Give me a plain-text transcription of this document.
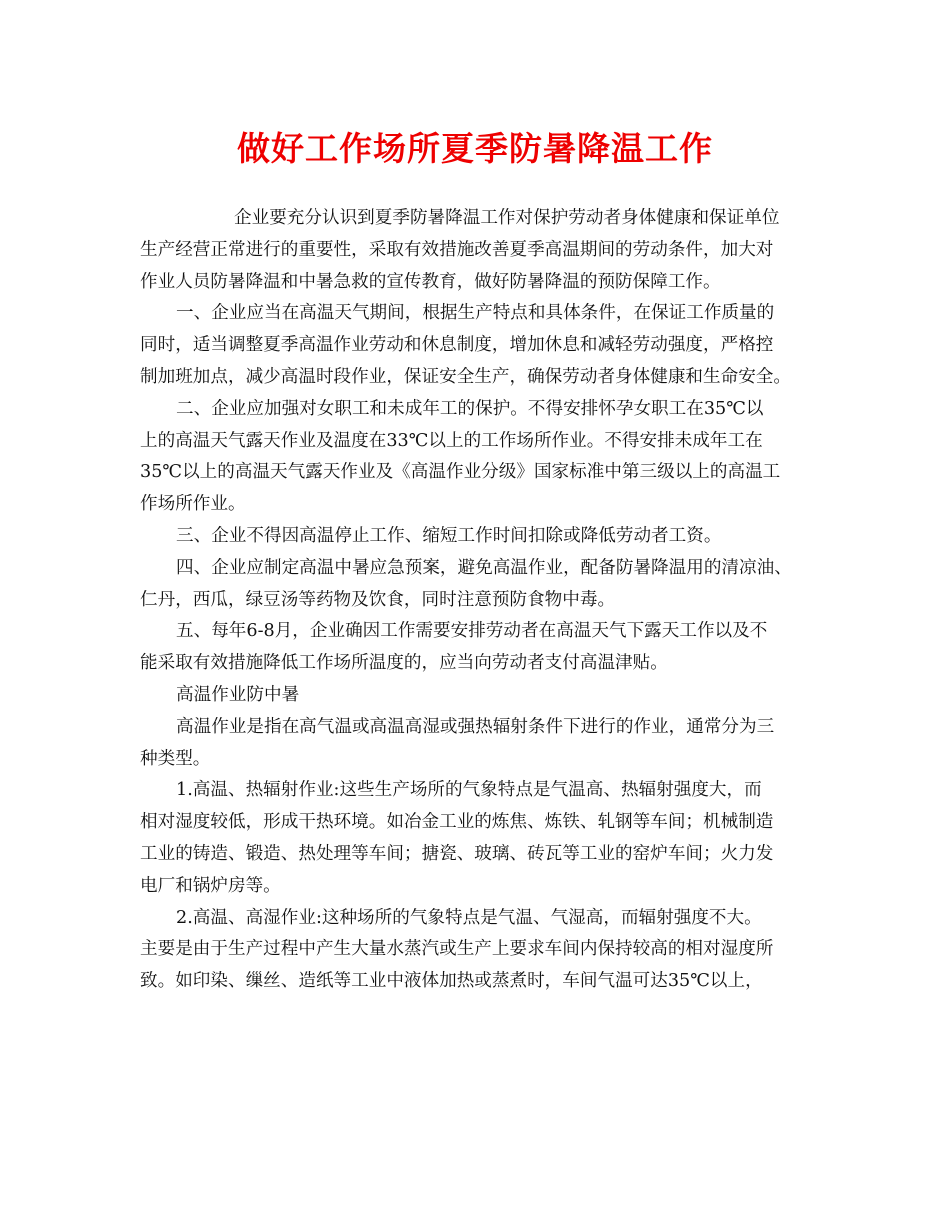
做好工作场所夏季防暑降温工作

企业要充分认识到夏季防暑降温工作对保护劳动者身体健康和保证单位

生产经营正常进行的重要性，采取有效措施改善夏季高温期间的劳动条件，加大对

作业人员防暑降温和中暑急救的宣传教育，做好防暑降温的预防保障工作。

一、企业应当在高温天气期间，根据生产特点和具体条件，在保证工作质量的

同时，适当调整夏季高温作业劳动和休息制度，增加休息和减轻劳动强度，严格控

制加班加点，减少高温时段作业，保证安全生产，确保劳动者身体健康和生命安全。

二、企业应加强对女职工和未成年工的保护。不得安排怀孕女职工在35℃以

上的高温天气露天作业及温度在33℃以上的工作场所作业。不得安排未成年工在

35℃以上的高温天气露天作业及《高温作业分级》国家标准中第三级以上的高温工

作场所作业。

三、企业不得因高温停止工作、缩短工作时间扣除或降低劳动者工资。

四、企业应制定高温中暑应急预案，避免高温作业，配备防暑降温用的清凉油、

仁丹，西瓜，绿豆汤等药物及饮食，同时注意预防食物中毒。

五、每年6-8月，企业确因工作需要安排劳动者在高温天气下露天工作以及不

能采取有效措施降低工作场所温度的，应当向劳动者支付高温津贴。

高温作业防中暑

高温作业是指在高气温或高温高湿或强热辐射条件下进行的作业，通常分为三

种类型。

1.高温、热辐射作业:这些生产场所的气象特点是气温高、热辐射强度大，而

相对湿度较低，形成干热环境。如冶金工业的炼焦、炼铁、轧钢等车间；机械制造

工业的铸造、锻造、热处理等车间；搪瓷、玻璃、砖瓦等工业的窑炉车间；火力发

电厂和锅炉房等。

2.高温、高湿作业:这种场所的气象特点是气温、气湿高，而辐射强度不大。

主要是由于生产过程中产生大量水蒸汽或生产上要求车间内保持较高的相对湿度所

致。如印染、缫丝、造纸等工业中液体加热或蒸煮时，车间气温可达35℃以上，
